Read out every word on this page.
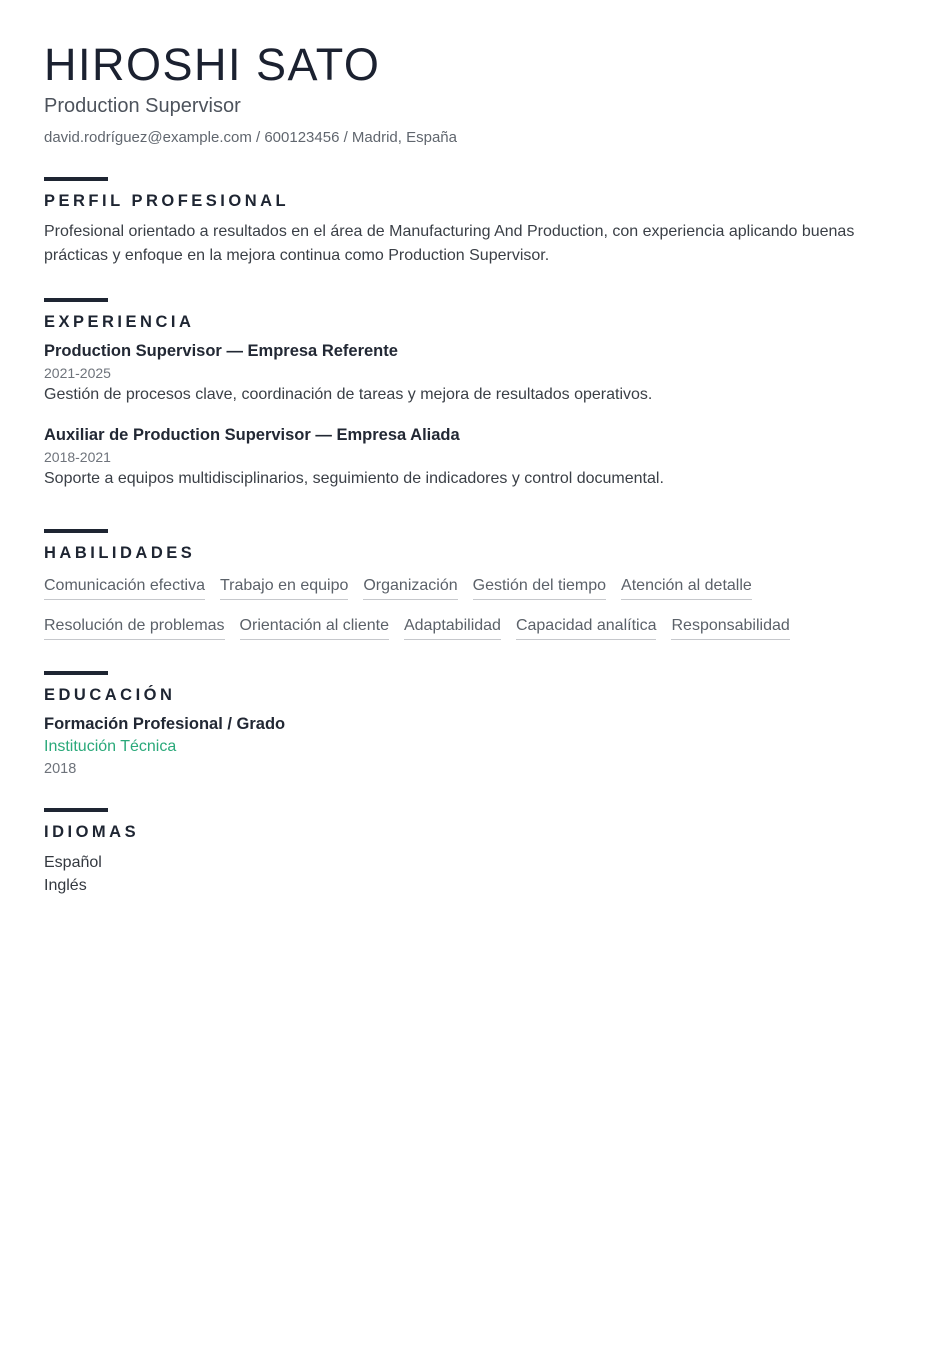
HIROSHI SATO
Production Supervisor
david.rodríguez@example.com / 600123456 / Madrid, España
PERFIL PROFESIONAL

Profesional orientado a resultados en el área de Manufacturing And Production, con experiencia aplicando buenas prácticas y enfoque en la mejora continua como Production Supervisor.

EXPERIENCIA
Production Supervisor — Empresa Referente
2021-2025
Gestión de procesos clave, coordinación de tareas y mejora de resultados operativos.
Auxiliar de Production Supervisor — Empresa Aliada
2018-2021
Soporte a equipos multidisciplinarios, seguimiento de indicadores y control documental.
HABILIDADES
Comunicación efectiva Trabajo en equipo Organización Gestión del tiempo Atención al detalle
Resolución de problemas Orientación al cliente Adaptabilidad Capacidad analítica Responsabilidad
EDUCACIÓN
Formación Profesional / Grado
Institución Técnica
2018
IDIOMAS
Español
Inglés
